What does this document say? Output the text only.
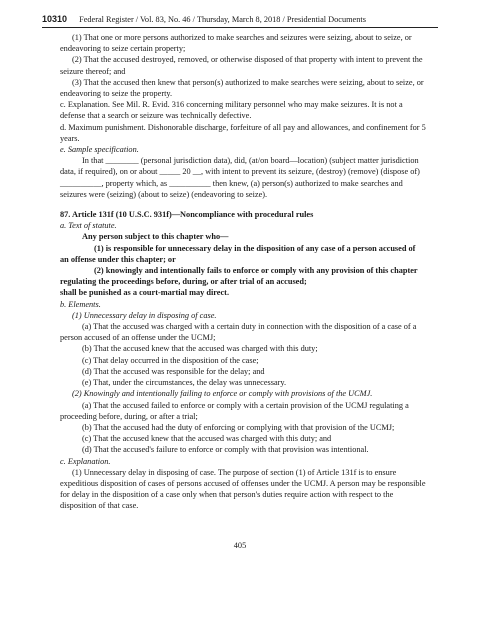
10310 Federal Register / Vol. 83, No. 46 / Thursday, March 8, 2018 / Presidential Documents

(1) That one or more persons authorized to make searches and seizures were seizing, about to seize, or endeavoring to seize certain property;

(2) That the accused destroyed, removed, or otherwise disposed of that property with intent to prevent the seizure thereof; and

(3) That the accused then knew that person(s) authorized to make searches were seizing, about to seize, or endeavoring to seize the property.

c. Explanation. See Mil. R. Evid. 316 concerning military personnel who may make seizures. It is not a defense that a search or seizure was technically defective.

d. Maximum punishment. Dishonorable discharge, forfeiture of all pay and allowances, and confinement for 5 years.

e. Sample specification.

In that ________ (personal jurisdiction data), did, (at/on board—location) (subject matter jurisdiction data, if required), on or about _____ 20 __, with intent to prevent its seizure, (destroy) (remove) (dispose of) __________, property which, as __________ then knew, (a) person(s) authorized to make searches and seizures were (seizing) (about to seize) (endeavoring to seize).

87. Article 131f (10 U.S.C. 931f)—Noncompliance with procedural rules

a. Text of statute.

Any person subject to this chapter who—

(1) is responsible for unnecessary delay in the disposition of any case of a person accused of an offense under this chapter; or

(2) knowingly and intentionally fails to enforce or comply with any provision of this chapter regulating the proceedings before, during, or after trial of an accused;

shall be punished as a court-martial may direct.

b. Elements.

(1) Unnecessary delay in disposing of case.

(a) That the accused was charged with a certain duty in connection with the disposition of a case of a person accused of an offense under the UCMJ;

(b) That the accused knew that the accused was charged with this duty;

(c) That delay occurred in the disposition of the case;

(d) That the accused was responsible for the delay; and

(e) That, under the circumstances, the delay was unnecessary.

(2) Knowingly and intentionally failing to enforce or comply with provisions of the UCMJ.

(a) That the accused failed to enforce or comply with a certain provision of the UCMJ regulating a proceeding before, during, or after a trial;

(b) That the accused had the duty of enforcing or complying with that provision of the UCMJ;

(c) That the accused knew that the accused was charged with this duty; and

(d) That the accused's failure to enforce or comply with that provision was intentional.

c. Explanation.

(1) Unnecessary delay in disposing of case. The purpose of section (1) of Article 131f is to ensure expeditious disposition of cases of persons accused of offenses under the UCMJ. A person may be responsible for delay in the disposition of a case only when that person's duties require action with respect to the disposition of that case.

405
